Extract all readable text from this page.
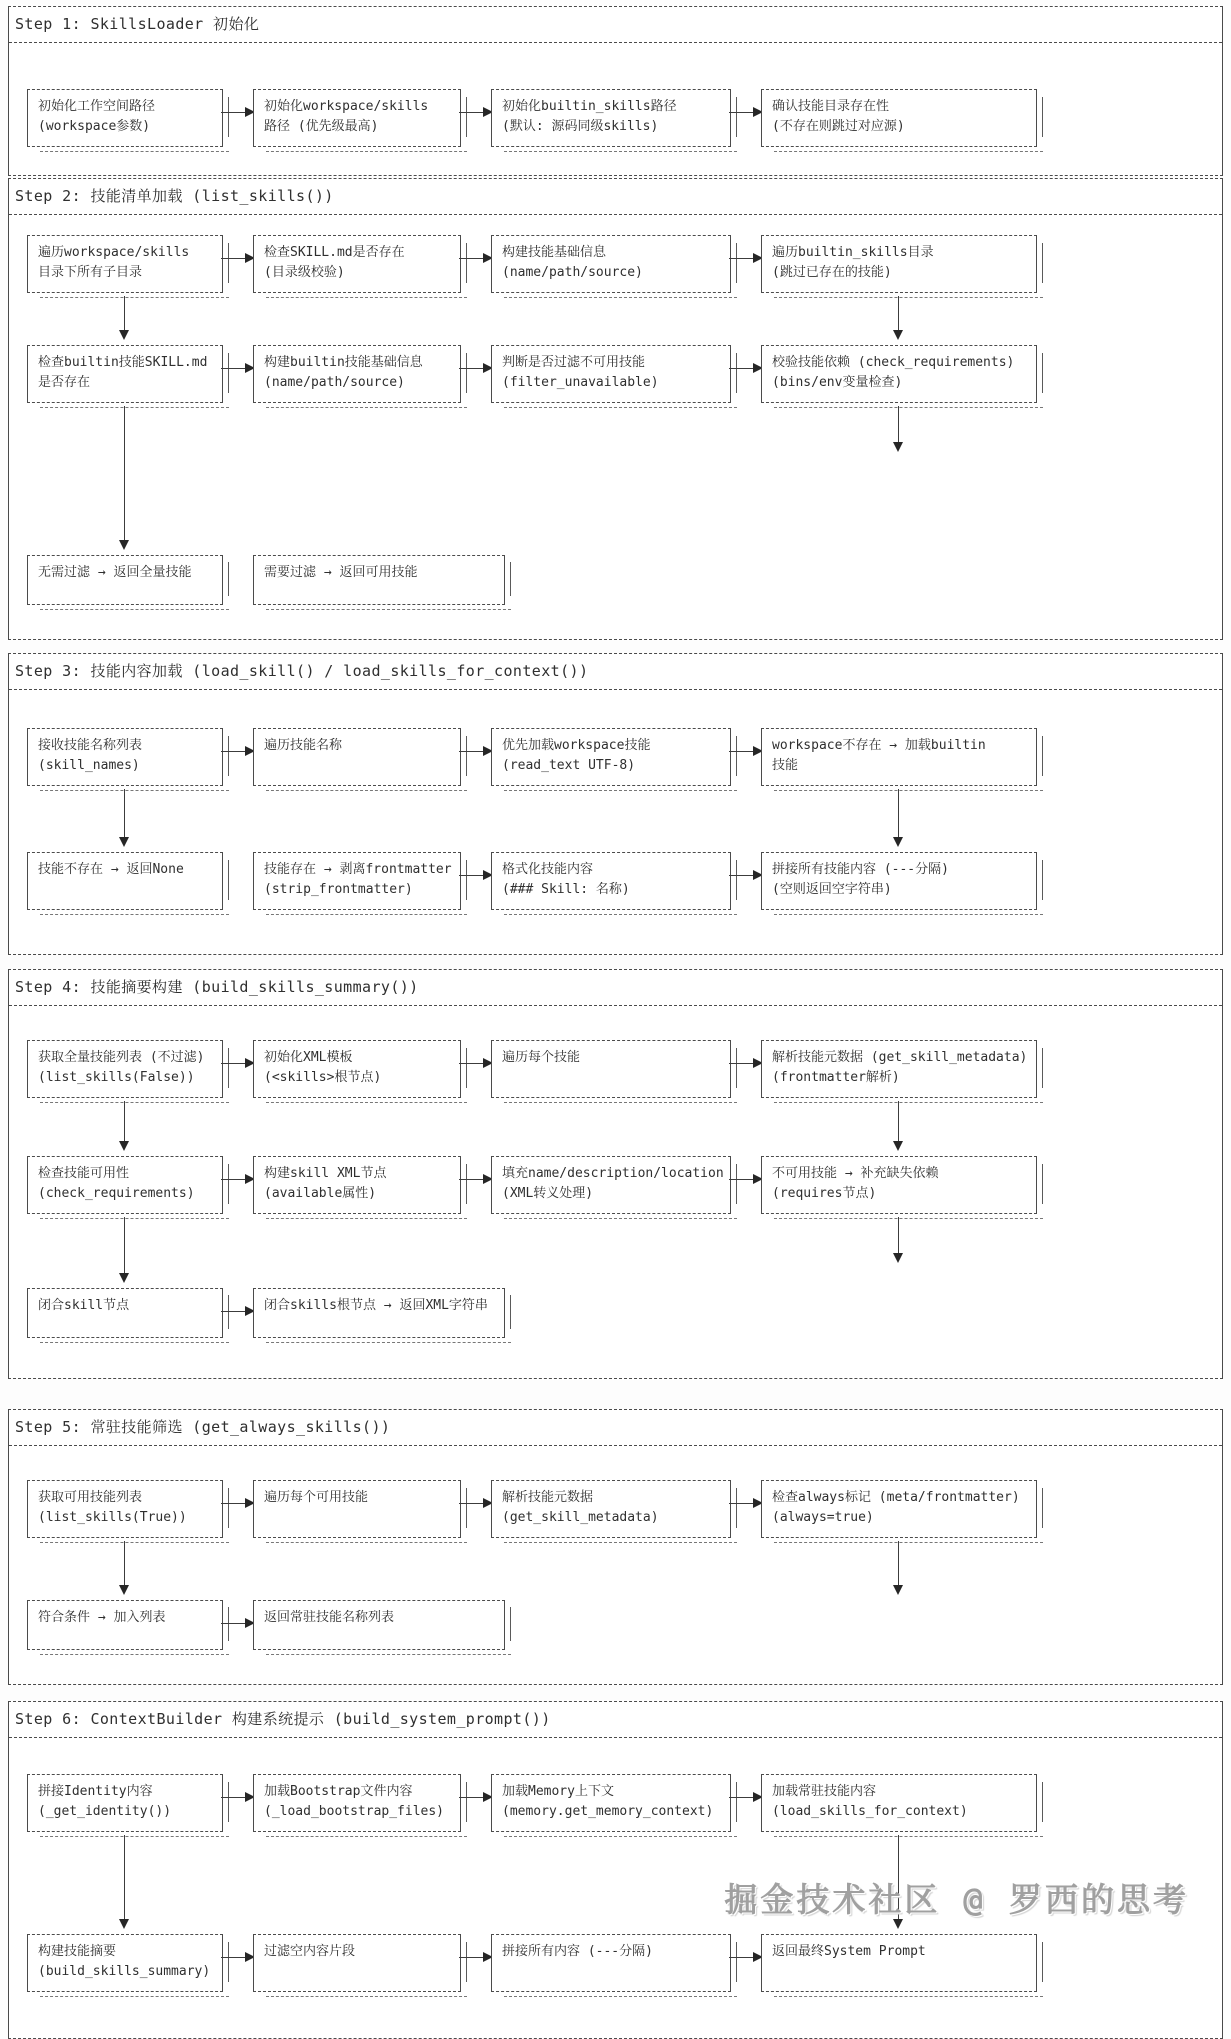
Step 1: SkillsLoader 初始化
初始化工作空间路径
(workspace参数)
初始化workspace/skills
路径 (优先级最高)
初始化builtin_skills路径
(默认: 源码同级skills)
确认技能目录存在性
(不存在则跳过对应源)
Step 2: 技能清单加载 (list_skills())
遍历workspace/skills
目录下所有子目录
检查SKILL.md是否存在
(目录级校验)
构建技能基础信息
(name/path/source)
遍历builtin_skills目录
(跳过已存在的技能)
检查builtin技能SKILL.md
是否存在
构建builtin技能基础信息
(name/path/source)
判断是否过滤不可用技能
(filter_unavailable)
校验技能依赖 (check_requirements)
(bins/env变量检查)
无需过滤 → 返回全量技能	需要过滤 → 返回可用技能
Step 3: 技能内容加载 (load_skill() / load_skills_for_context())
接收技能名称列表
(skill_names)
遍历技能名称	优先加载workspace技能
(read_text UTF-8)
workspace不存在 → 加载builtin
技能
技能不存在 → 返回None	技能存在 → 剥离frontmatter
(strip_frontmatter)
格式化技能内容
(### Skill: 名称)
拼接所有技能内容 (---分隔)
(空则返回空字符串)
Step 4: 技能摘要构建 (build_skills_summary())
获取全量技能列表 (不过滤)
(list_skills(False))
初始化XML模板
(<skills>根节点)
遍历每个技能	解析技能元数据 (get_skill_metadata)
(frontmatter解析)
检查技能可用性
(check_requirements)
构建skill XML节点
(available属性)
填充name/description/location
(XML转义处理)
不可用技能 → 补充缺失依赖
(requires节点)
闭合skill节点	闭合skills根节点 → 返回XML字符串
Step 5: 常驻技能筛选 (get_always_skills())
获取可用技能列表
(list_skills(True))
遍历每个可用技能	解析技能元数据
(get_skill_metadata)
检查always标记 (meta/frontmatter)
(always=true)
符合条件 → 加入列表	返回常驻技能名称列表
Step 6: ContextBuilder 构建系统提示 (build_system_prompt())
拼接Identity内容
(_get_identity())
加载Bootstrap文件内容
(_load_bootstrap_files)
加载Memory上下文
(memory.get_memory_context)
加载常驻技能内容
(load_skills_for_context)
构建技能摘要
(build_skills_summary)
过滤空内容片段	拼接所有内容 (---分隔)	返回最终System Prompt
掘金技术社区 @ 罗西的思考
